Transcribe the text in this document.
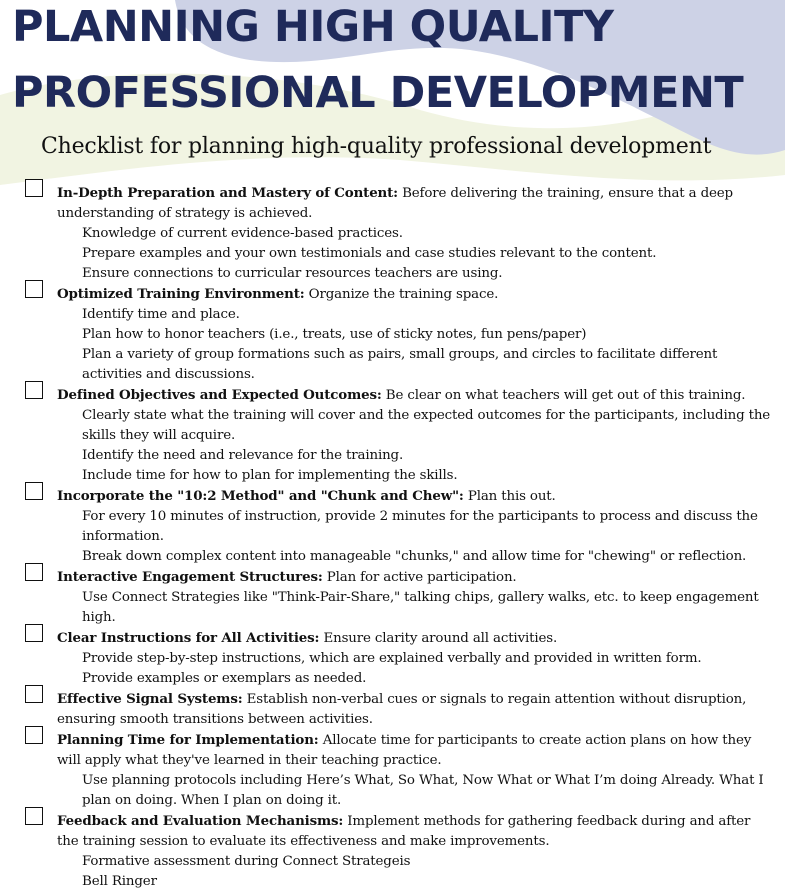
PLANNING HIGH QUALITY
PROFESSIONAL DEVELOPMENT
Checklist for planning high-quality professional development
In-Depth Preparation and Mastery of Content: Before delivering the training, ensure that a deep understanding of strategy is achieved.
Knowledge of current evidence-based practices.
Prepare examples and your own testimonials and case studies relevant to the content.
Ensure connections to curricular resources teachers are using.
Optimized Training Environment: Organize the training space.
Identify time and place.
Plan how to honor teachers (i.e., treats, use of sticky notes, fun pens/paper)
Plan a variety of group formations such as pairs, small groups, and circles to facilitate different activities and discussions.
Defined Objectives and Expected Outcomes: Be clear on what teachers will get out of this training.
Clearly state what the training will cover and the expected outcomes for the participants, including the skills they will acquire.
Identify the need and relevance for the training.
Include time for how to plan for implementing the skills.
Incorporate the "10:2 Method" and "Chunk and Chew": Plan this out.
For every 10 minutes of instruction, provide 2 minutes for the participants to process and discuss the information.
Break down complex content into manageable "chunks," and allow time for "chewing" or reflection.
Interactive Engagement Structures: Plan for active participation.
Use Connect Strategies like "Think-Pair-Share," talking chips, gallery walks, etc. to keep engagement high.
Clear Instructions for All Activities: Ensure clarity around all activities.
Provide step-by-step instructions, which are explained verbally and provided in written form.
Provide examples or exemplars as needed.
Effective Signal Systems: Establish non-verbal cues or signals to regain attention without disruption, ensuring smooth transitions between activities.
Planning Time for Implementation: Allocate time for participants to create action plans on how they will apply what they've learned in their teaching practice.
Use planning protocols including Here’s What, So What, Now What or What I’m doing Already. What I plan on doing. When I plan on doing it.
Feedback and Evaluation Mechanisms: Implement methods for gathering feedback during and after the training session to evaluate its effectiveness and make improvements.
Formative assessment during Connect Strategeis
Bell Ringer
